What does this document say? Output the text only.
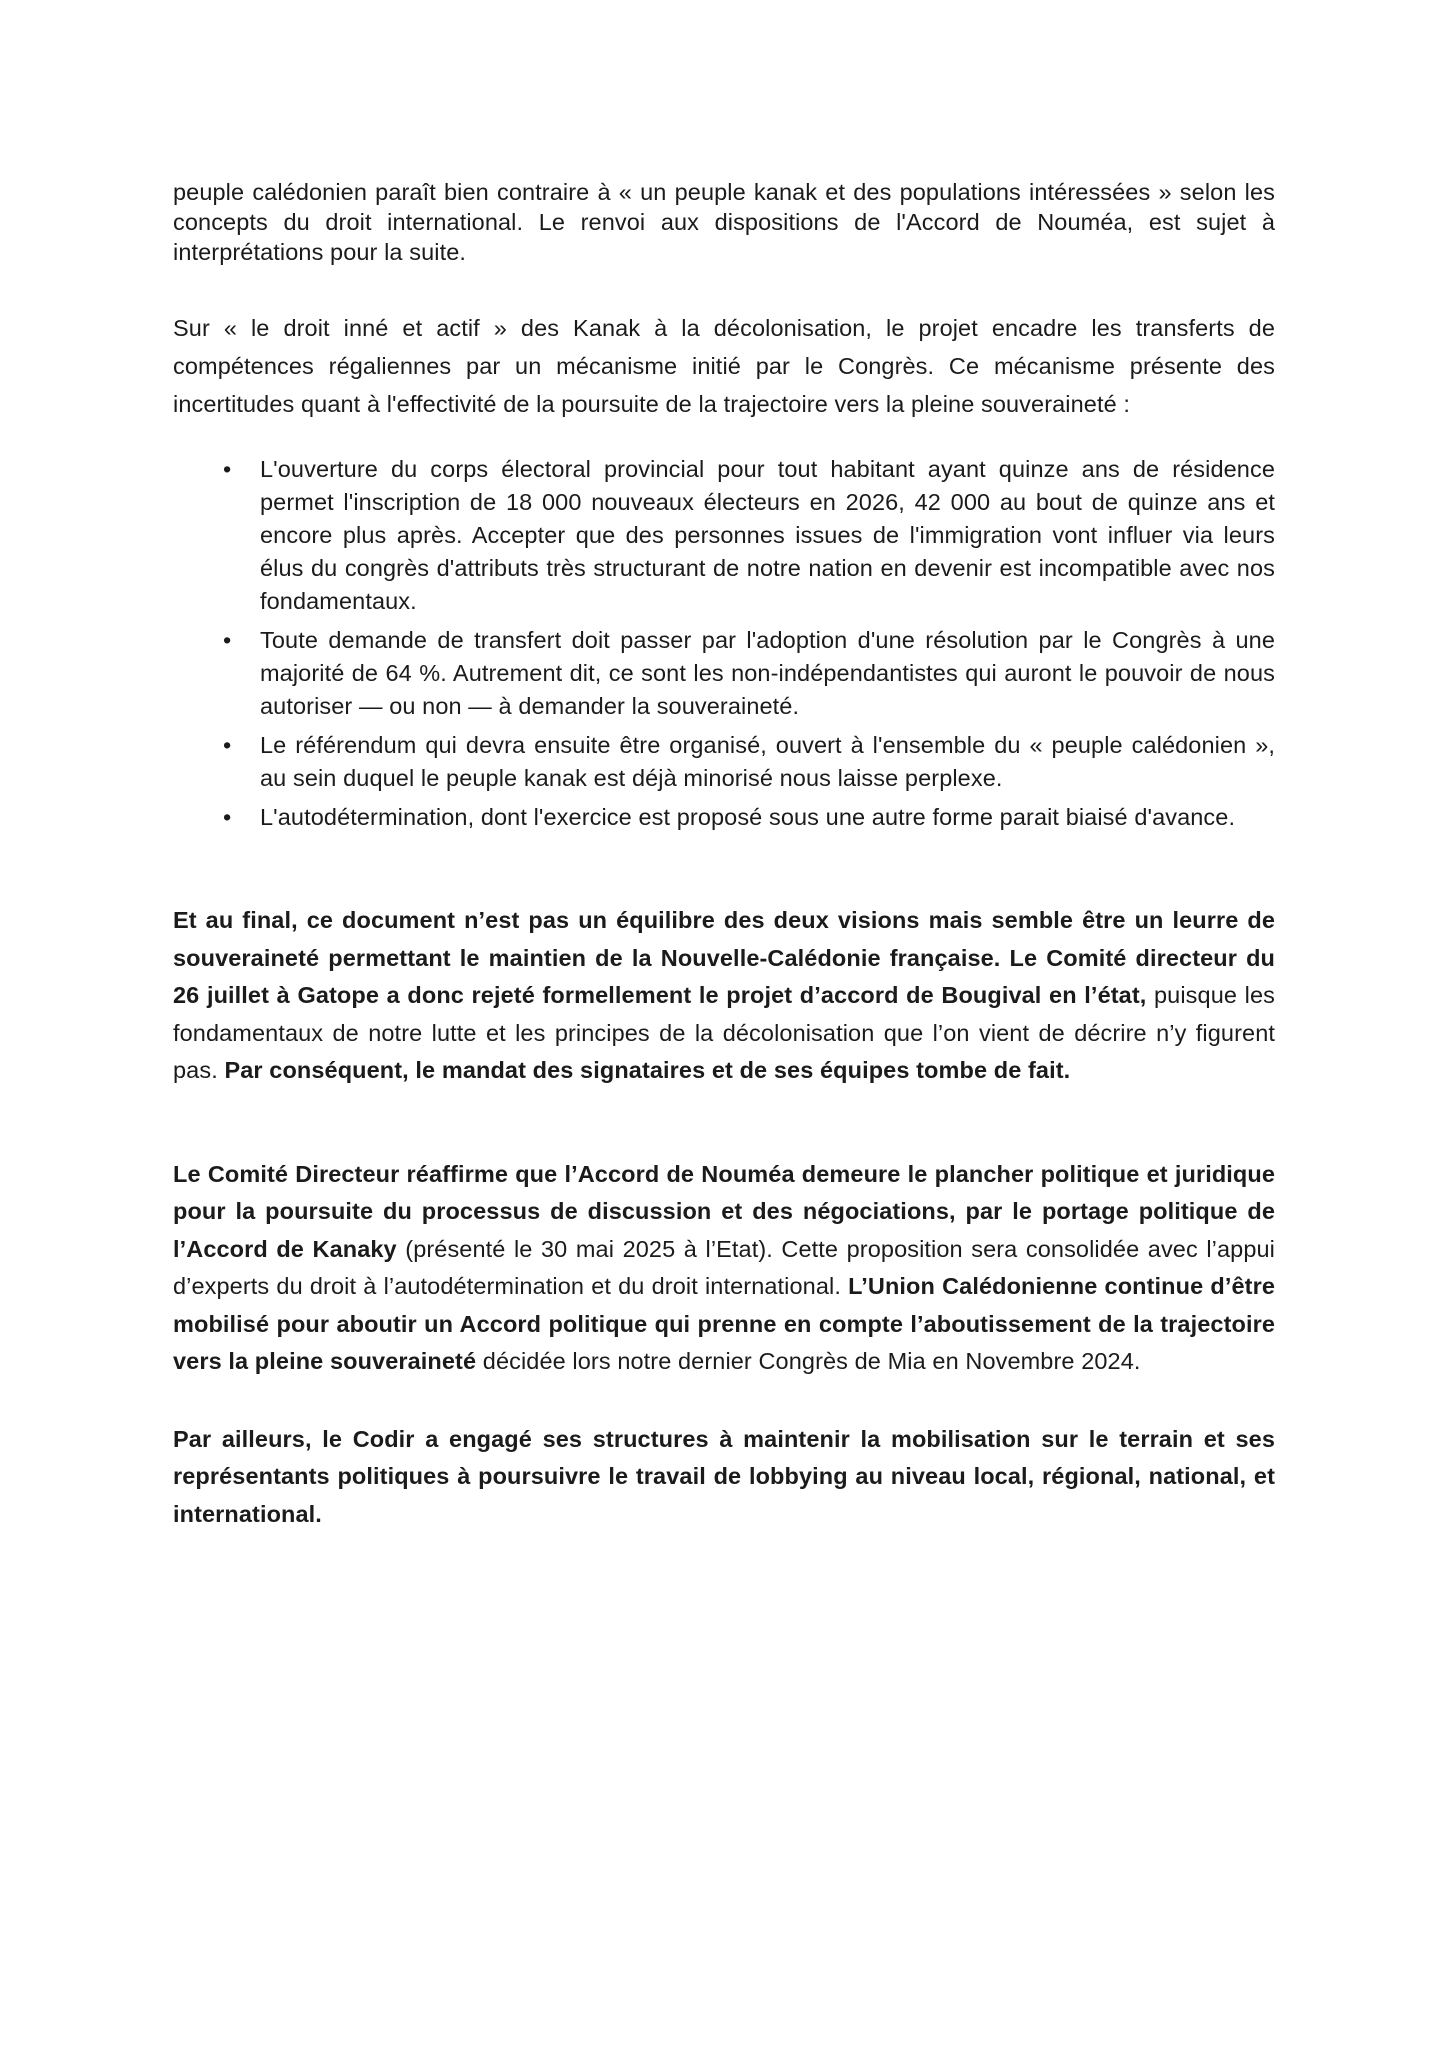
peuple calédonien paraît bien contraire à « un peuple kanak et des populations intéressées » selon les concepts du droit international. Le renvoi aux dispositions de l'Accord de Nouméa, est sujet à interprétations pour la suite.

Sur « le droit inné et actif » des Kanak à la décolonisation, le projet encadre les transferts de compétences régaliennes par un mécanisme initié par le Congrès. Ce mécanisme présente des incertitudes quant à l'effectivité de la poursuite de la trajectoire vers la pleine souveraineté :

• L'ouverture du corps électoral provincial pour tout habitant ayant quinze ans de résidence permet l'inscription de 18 000 nouveaux électeurs en 2026, 42 000 au bout de quinze ans et encore plus après. Accepter que des personnes issues de l'immigration vont influer via leurs élus du congrès d'attributs très structurant de notre nation en devenir est incompatible avec nos fondamentaux.
• Toute demande de transfert doit passer par l'adoption d'une résolution par le Congrès à une majorité de 64 %. Autrement dit, ce sont les non-indépendantistes qui auront le pouvoir de nous autoriser — ou non — à demander la souveraineté.
• Le référendum qui devra ensuite être organisé, ouvert à l'ensemble du « peuple calédonien », au sein duquel le peuple kanak est déjà minorisé nous laisse perplexe.
• L'autodétermination, dont l'exercice est proposé sous une autre forme parait biaisé d'avance.

Et au final, ce document n’est pas un équilibre des deux visions mais semble être un leurre de souveraineté permettant le maintien de la Nouvelle-Calédonie française. Le Comité directeur du 26 juillet à Gatope a donc rejeté formellement le projet d’accord de Bougival en l’état, puisque les fondamentaux de notre lutte et les principes de la décolonisation que l’on vient de décrire n’y figurent pas. Par conséquent, le mandat des signataires et de ses équipes tombe de fait.

Le Comité Directeur réaffirme que l’Accord de Nouméa demeure le plancher politique et juridique pour la poursuite du processus de discussion et des négociations, par le portage politique de l’Accord de Kanaky (présenté le 30 mai 2025 à l’Etat). Cette proposition sera consolidée avec l’appui d’experts du droit à l’autodétermination et du droit international. L’Union Calédonienne continue d’être mobilisé pour aboutir un Accord politique qui prenne en compte l’aboutissement de la trajectoire vers la pleine souveraineté décidée lors notre dernier Congrès de Mia en Novembre 2024.

Par ailleurs, le Codir a engagé ses structures à maintenir la mobilisation sur le terrain et ses représentants politiques à poursuivre le travail de lobbying au niveau local, régional, national, et international.
